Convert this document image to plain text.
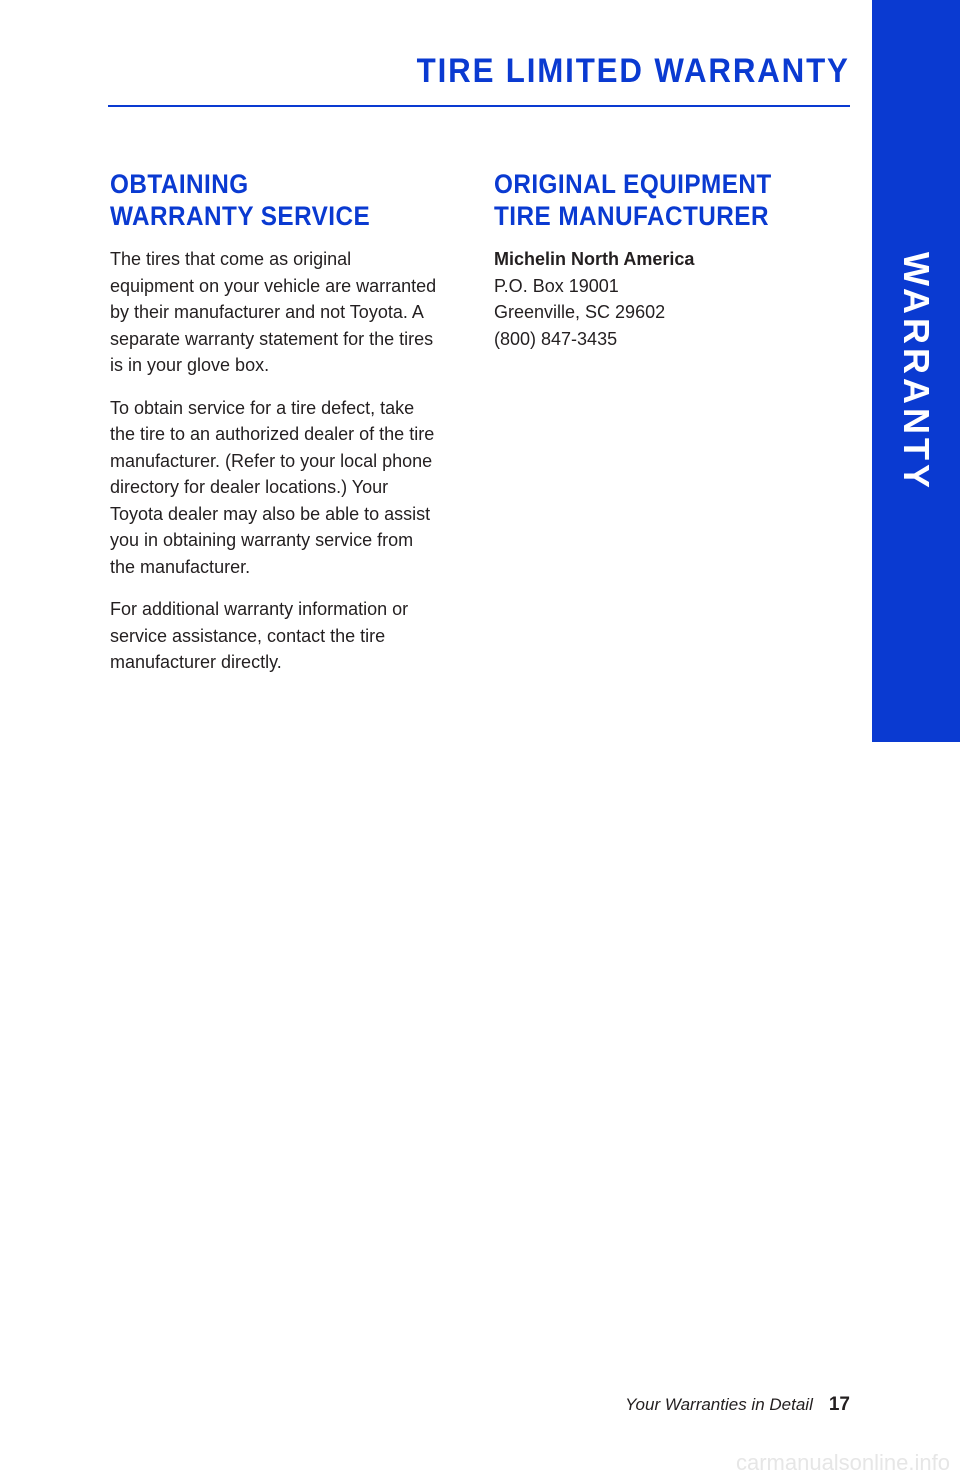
TIRE LIMITED WARRANTY
WARRANTY
OBTAINING
WARRANTY SERVICE

The tires that come as original equipment on your vehicle are warranted by their manufacturer and not Toyota. A separate warranty statement for the tires is in your glove box.

To obtain service for a tire defect, take the tire to an authorized dealer of the tire manufacturer. (Refer to your local phone directory for dealer locations.) Your Toyota dealer may also be able to assist you in obtaining warranty service from the manufacturer.

For additional warranty information or service assistance, contact the tire manufacturer directly.

ORIGINAL EQUIPMENT
TIRE MANUFACTURER
Michelin North America
P.O. Box 19001
Greenville, SC 29602
(800) 847-3435
Your Warranties in Detail 17
carmanualsonline.info
